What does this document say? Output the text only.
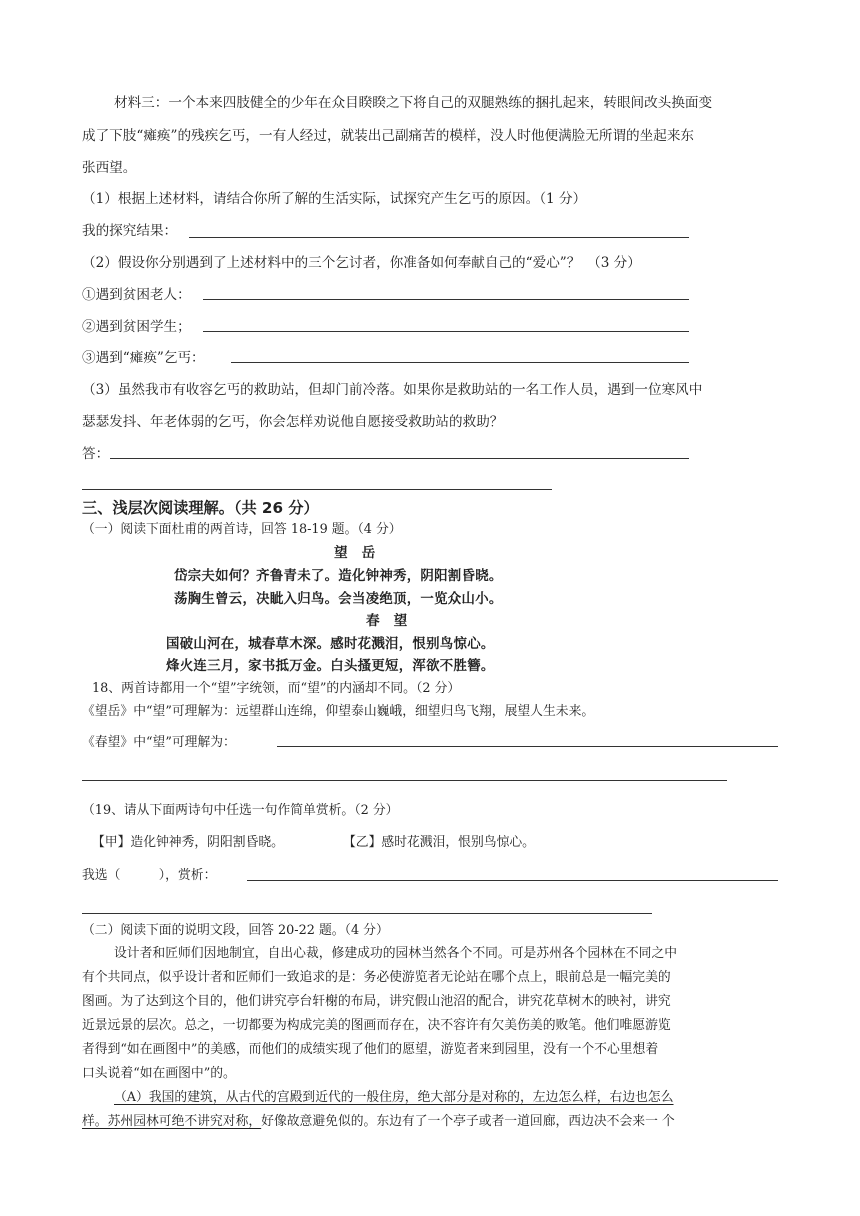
材料三：一个本来四肢健全的少年在众目睽睽之下将自己的双腿熟练的捆扎起来，转眼间改头换面变
成了下肢“瘫痪”的残疾乞丐，一有人经过，就装出己副痛苦的模样，没人时他便满脸无所谓的坐起来东
张西望。
（1）根据上述材料，请结合你所了解的生活实际，试探究产生乞丐的原因。（1 分）
我的探究结果：
（2）假设你分别遇到了上述材料中的三个乞讨者，你准备如何奉献自己的“爱心”？　（3 分）
①遇到贫困老人：
②遇到贫困学生；
③遇到“瘫痪”乞丐：
（3）虽然我市有收容乞丐的救助站，但却门前冷落。如果你是救助站的一名工作人员，遇到一位寒风中
瑟瑟发抖、年老体弱的乞丐，你会怎样劝说他自愿接受救助站的救助？
答：
三、浅层次阅读理解。（共 26 分）
（一）阅读下面杜甫的两首诗，回答 18-19 题。（4 分）
望岳
岱宗夫如何？齐鲁青未了。造化钟神秀，阴阳割昏晓。
荡胸生曾云，决眦入归鸟。会当凌绝顶，一览众山小。
春望
国破山河在，城春草木深。感时花溅泪，恨别鸟惊心。
烽火连三月，家书抵万金。白头搔更短，浑欲不胜簪。
18、两首诗都用一个“望”字统领，而“望”的内涵却不同。（2 分）
《望岳》中“望”可理解为：远望群山连绵，仰望泰山巍峨，细望归鸟飞翔，展望人生未来。
《春望》中“望”可理解为：
（19、请从下面两诗句中任选一句作简单赏析。（2 分）
【甲】造化钟神秀，阴阳割昏晓。	【乙】感时花溅泪，恨别鸟惊心。
我选（　　　），赏析：
（二）阅读下面的说明文段，回答 20-22 题。（4 分）
设计者和匠师们因地制宜，自出心裁，修建成功的园林当然各个不同。可是苏州各个园林在不同之中
有个共同点，似乎设计者和匠师们一致追求的是：务必使游览者无论站在哪个点上，眼前总是一幅完美的
图画。为了达到这个目的，他们讲究亭台轩榭的布局，讲究假山池沼的配合，讲究花草树木的映衬，讲究
近景远景的层次。总之，一切都要为构成完美的图画而存在，决不容许有欠美伤美的败笔。他们唯愿游览
者得到“如在画图中”的美感，而他们的成绩实现了他们的愿望，游览者来到园里，没有一个不心里想着
口头说着“如在画图中”的。
（A）我国的建筑，从古代的宫殿到近代的一般住房，绝大部分是对称的，左边怎么样，右边也怎么
样。苏州园林可绝不讲究对称，好像故意避免似的。东边有了一个亭子或者一道回廊，西边决不会来一 个
